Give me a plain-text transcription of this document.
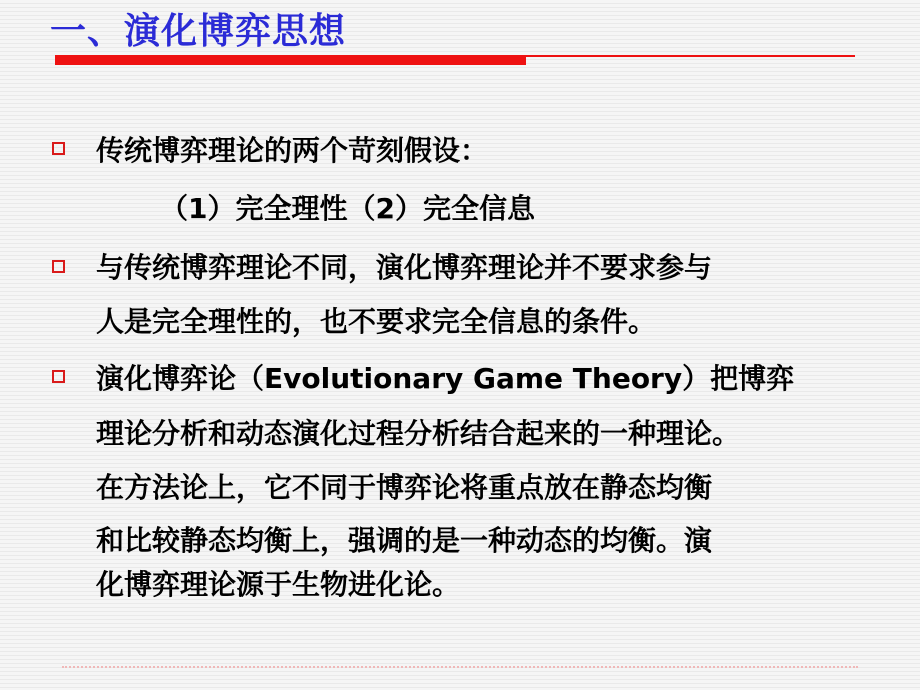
一、演化博弈思想
传统博弈理论的两个苛刻假设：
（1）完全理性（2）完全信息
与传统博弈理论不同，演化博弈理论并不要求参与
人是完全理性的，也不要求完全信息的条件。
演化博弈论（Evolutionary Game Theory）把博弈
理论分析和动态演化过程分析结合起来的一种理论。
在方法论上，它不同于博弈论将重点放在静态均衡
和比较静态均衡上，强调的是一种动态的均衡。演
化博弈理论源于生物进化论。
